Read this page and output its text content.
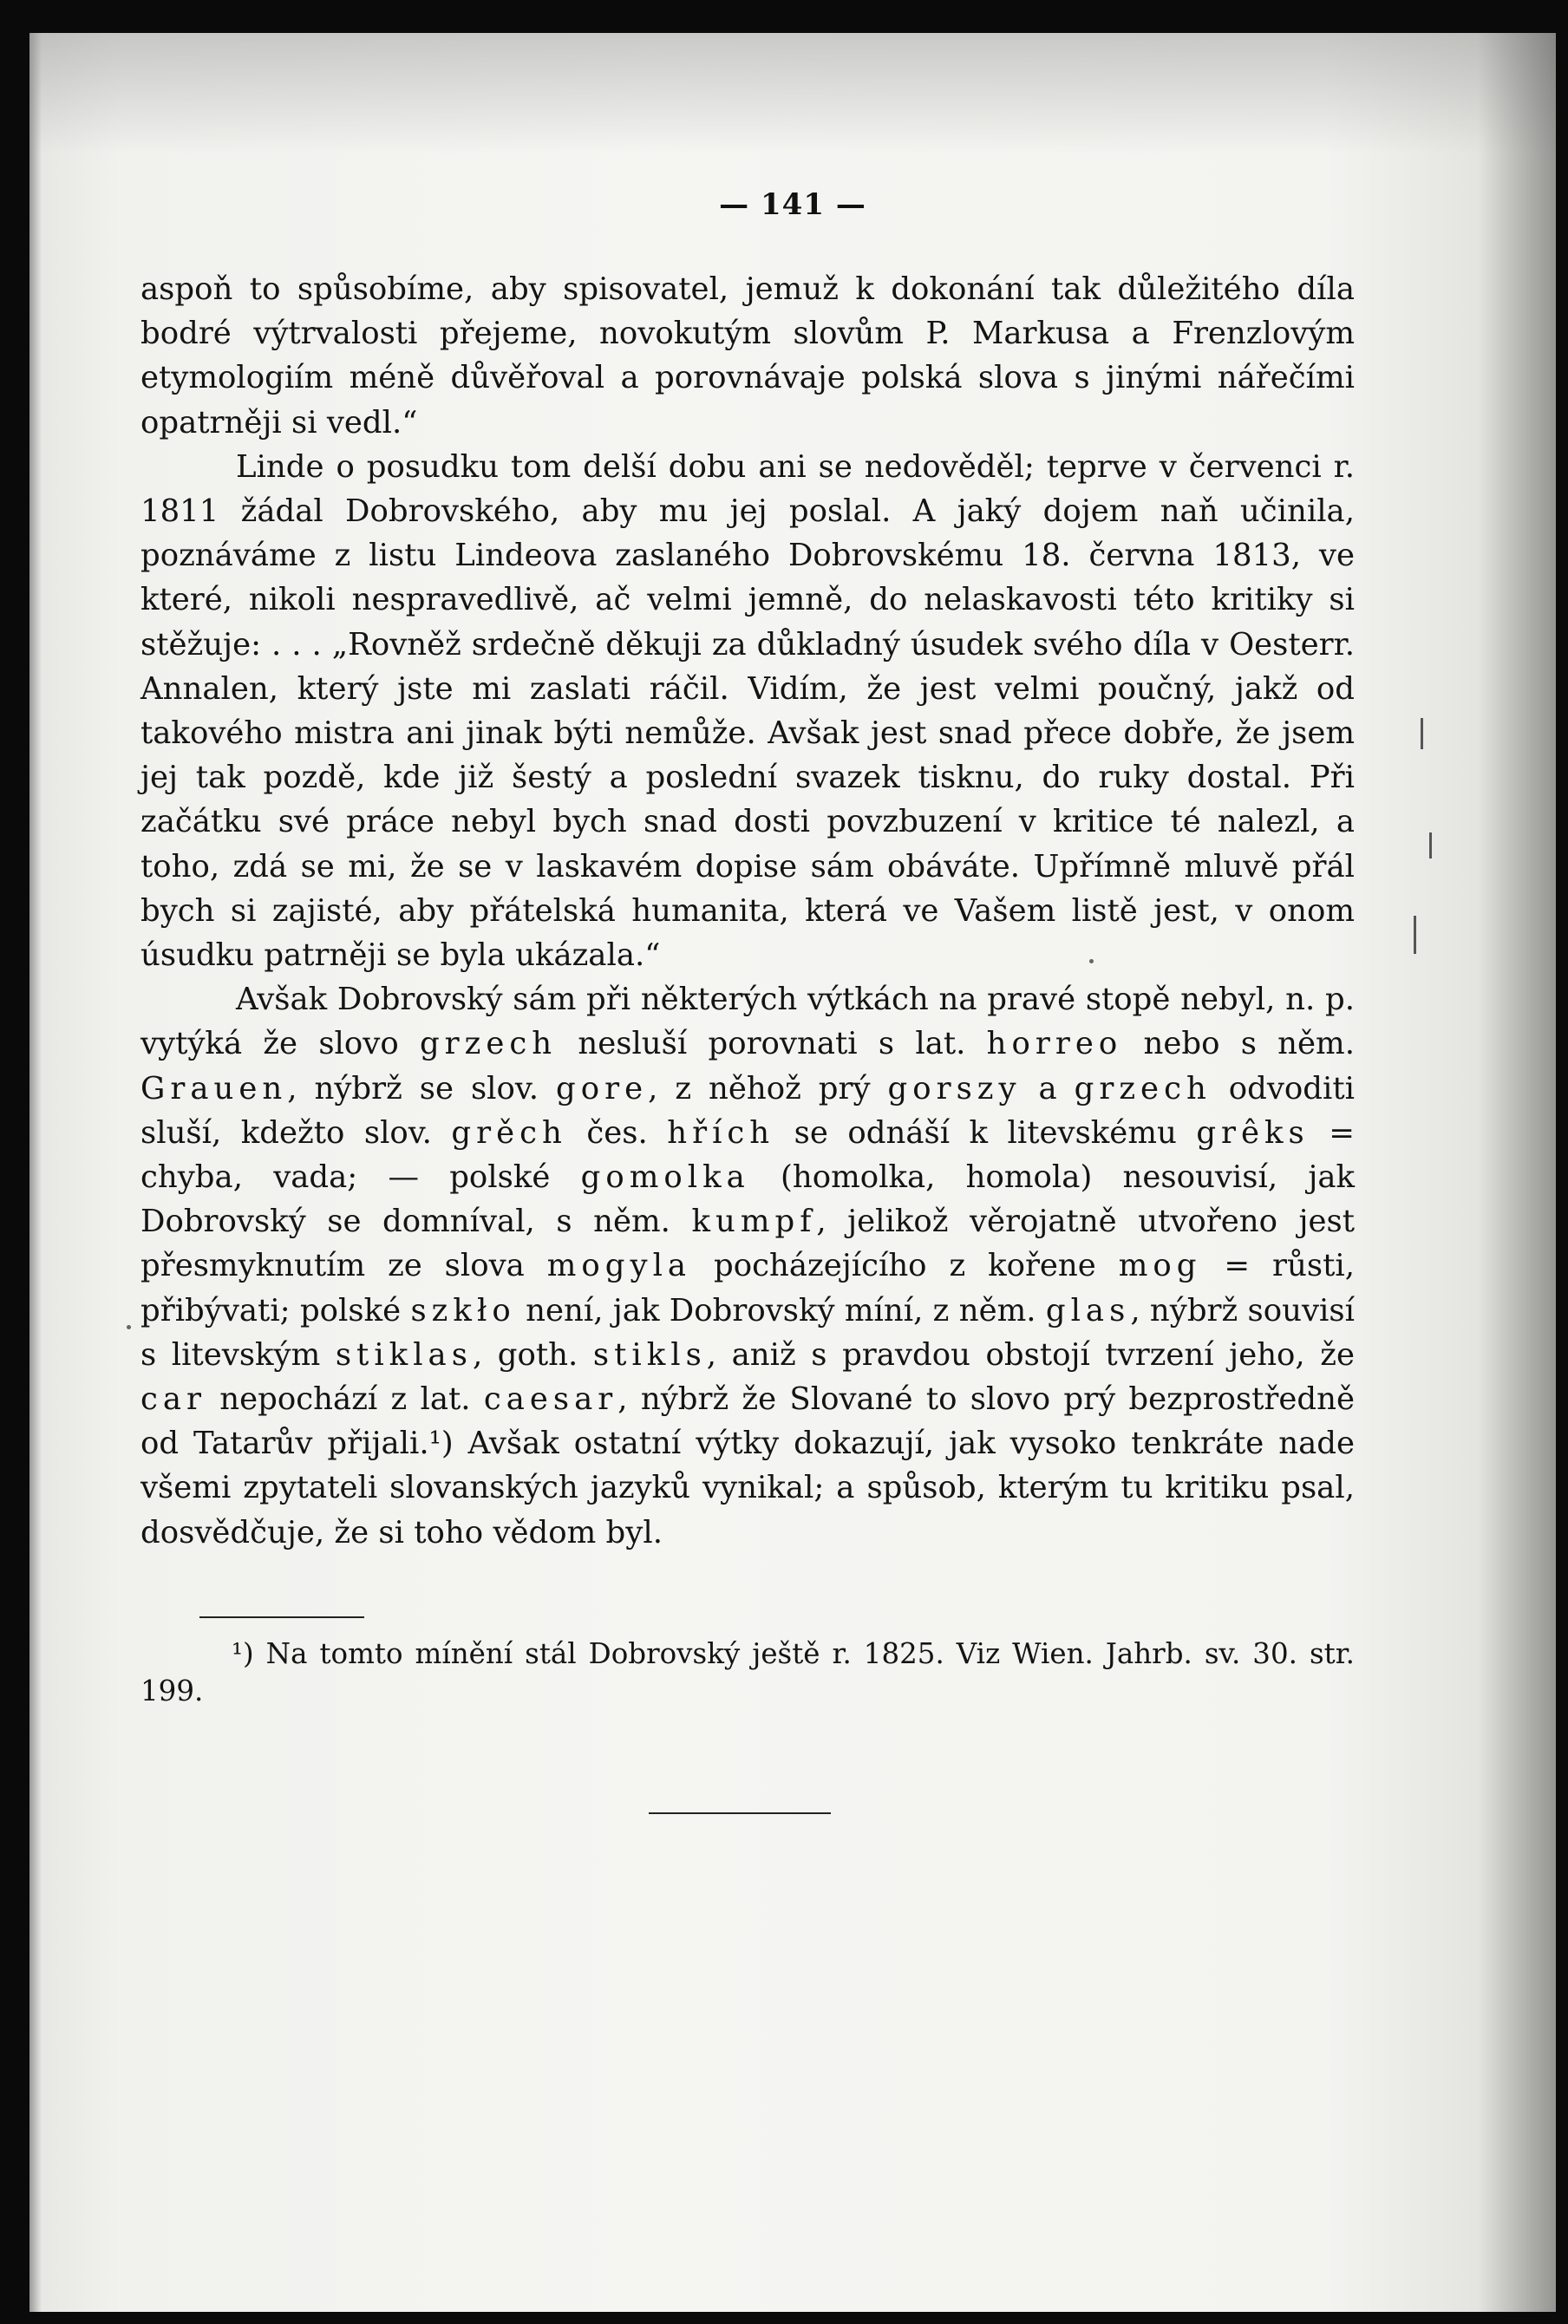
— 141 —

aspoň to spůsobíme, aby spisovatel, jemuž k dokonání tak důležitého díla bodré výtrvalosti přejeme, novokutým slovům P. Markusa a Frenzlovým etymologiím méně důvěřoval a porovnávaje polská slova s jinými nářečími opatrněji si vedl.“

Linde o posudku tom delší dobu ani se nedověděl; teprve v červenci r. 1811 žádal Dobrovského, aby mu jej poslal. A jaký dojem naň učinila, poznáváme z listu Lindeova zaslaného Dobrovskému 18. června 1813, ve které, nikoli nespravedlivě, ač velmi jemně, do nelaskavosti této kritiky si stěžuje: . . . „Rovněž srdečně děkuji za důkladný úsudek svého díla v Oesterr. Annalen, který jste mi zaslati ráčil. Vidím, že jest velmi poučný, jakž od takového mistra ani jinak býti nemůže. Avšak jest snad přece dobře, že jsem jej tak pozdě, kde již šestý a poslední svazek tisknu, do ruky dostal. Při začátku své práce nebyl bych snad dosti povzbuzení v kritice té nalezl, a toho, zdá se mi, že se v laskavém dopise sám obáváte. Upřímně mluvě přál bych si zajisté, aby přátelská humanita, která ve Vašem listě jest, v onom úsudku patrněji se byla ukázala.“

Avšak Dobrovský sám při některých výtkách na pravé stopě nebyl, n. p. vytýká že slovo grzech nesluší porovnati s lat. horreo nebo s něm. Grauen, nýbrž se slov. gore, z něhož prý gorszy a grzech odvoditi sluší, kdežto slov. grěch čes. hřích se odnáší k litevskému grêks = chyba, vada; — polské gomolka (homolka, homola) nesouvisí, jak Dobrovský se domníval, s něm. kumpf, jelikož věrojatně utvořeno jest přesmyknutím ze slova mogyla pocházejícího z kořene mog = růsti, přibývati; polské szkło není, jak Dobrovský míní, z něm. glas, nýbrž souvisí s litevským stiklas, goth. stikls, aniž s pravdou obstojí tvrzení jeho, že car nepochází z lat. caesar, nýbrž že Slované to slovo prý bezprostředně od Tatarův přijali.¹) Avšak ostatní výtky dokazují, jak vysoko tenkráte nade všemi zpytateli slovanských jazyků vynikal; a spůsob, kterým tu kritiku psal, dosvědčuje, že si toho vědom byl.

¹) Na tomto mínění stál Dobrovský ještě r. 1825. Viz Wien. Jahrb. sv. 30. str. 199.
